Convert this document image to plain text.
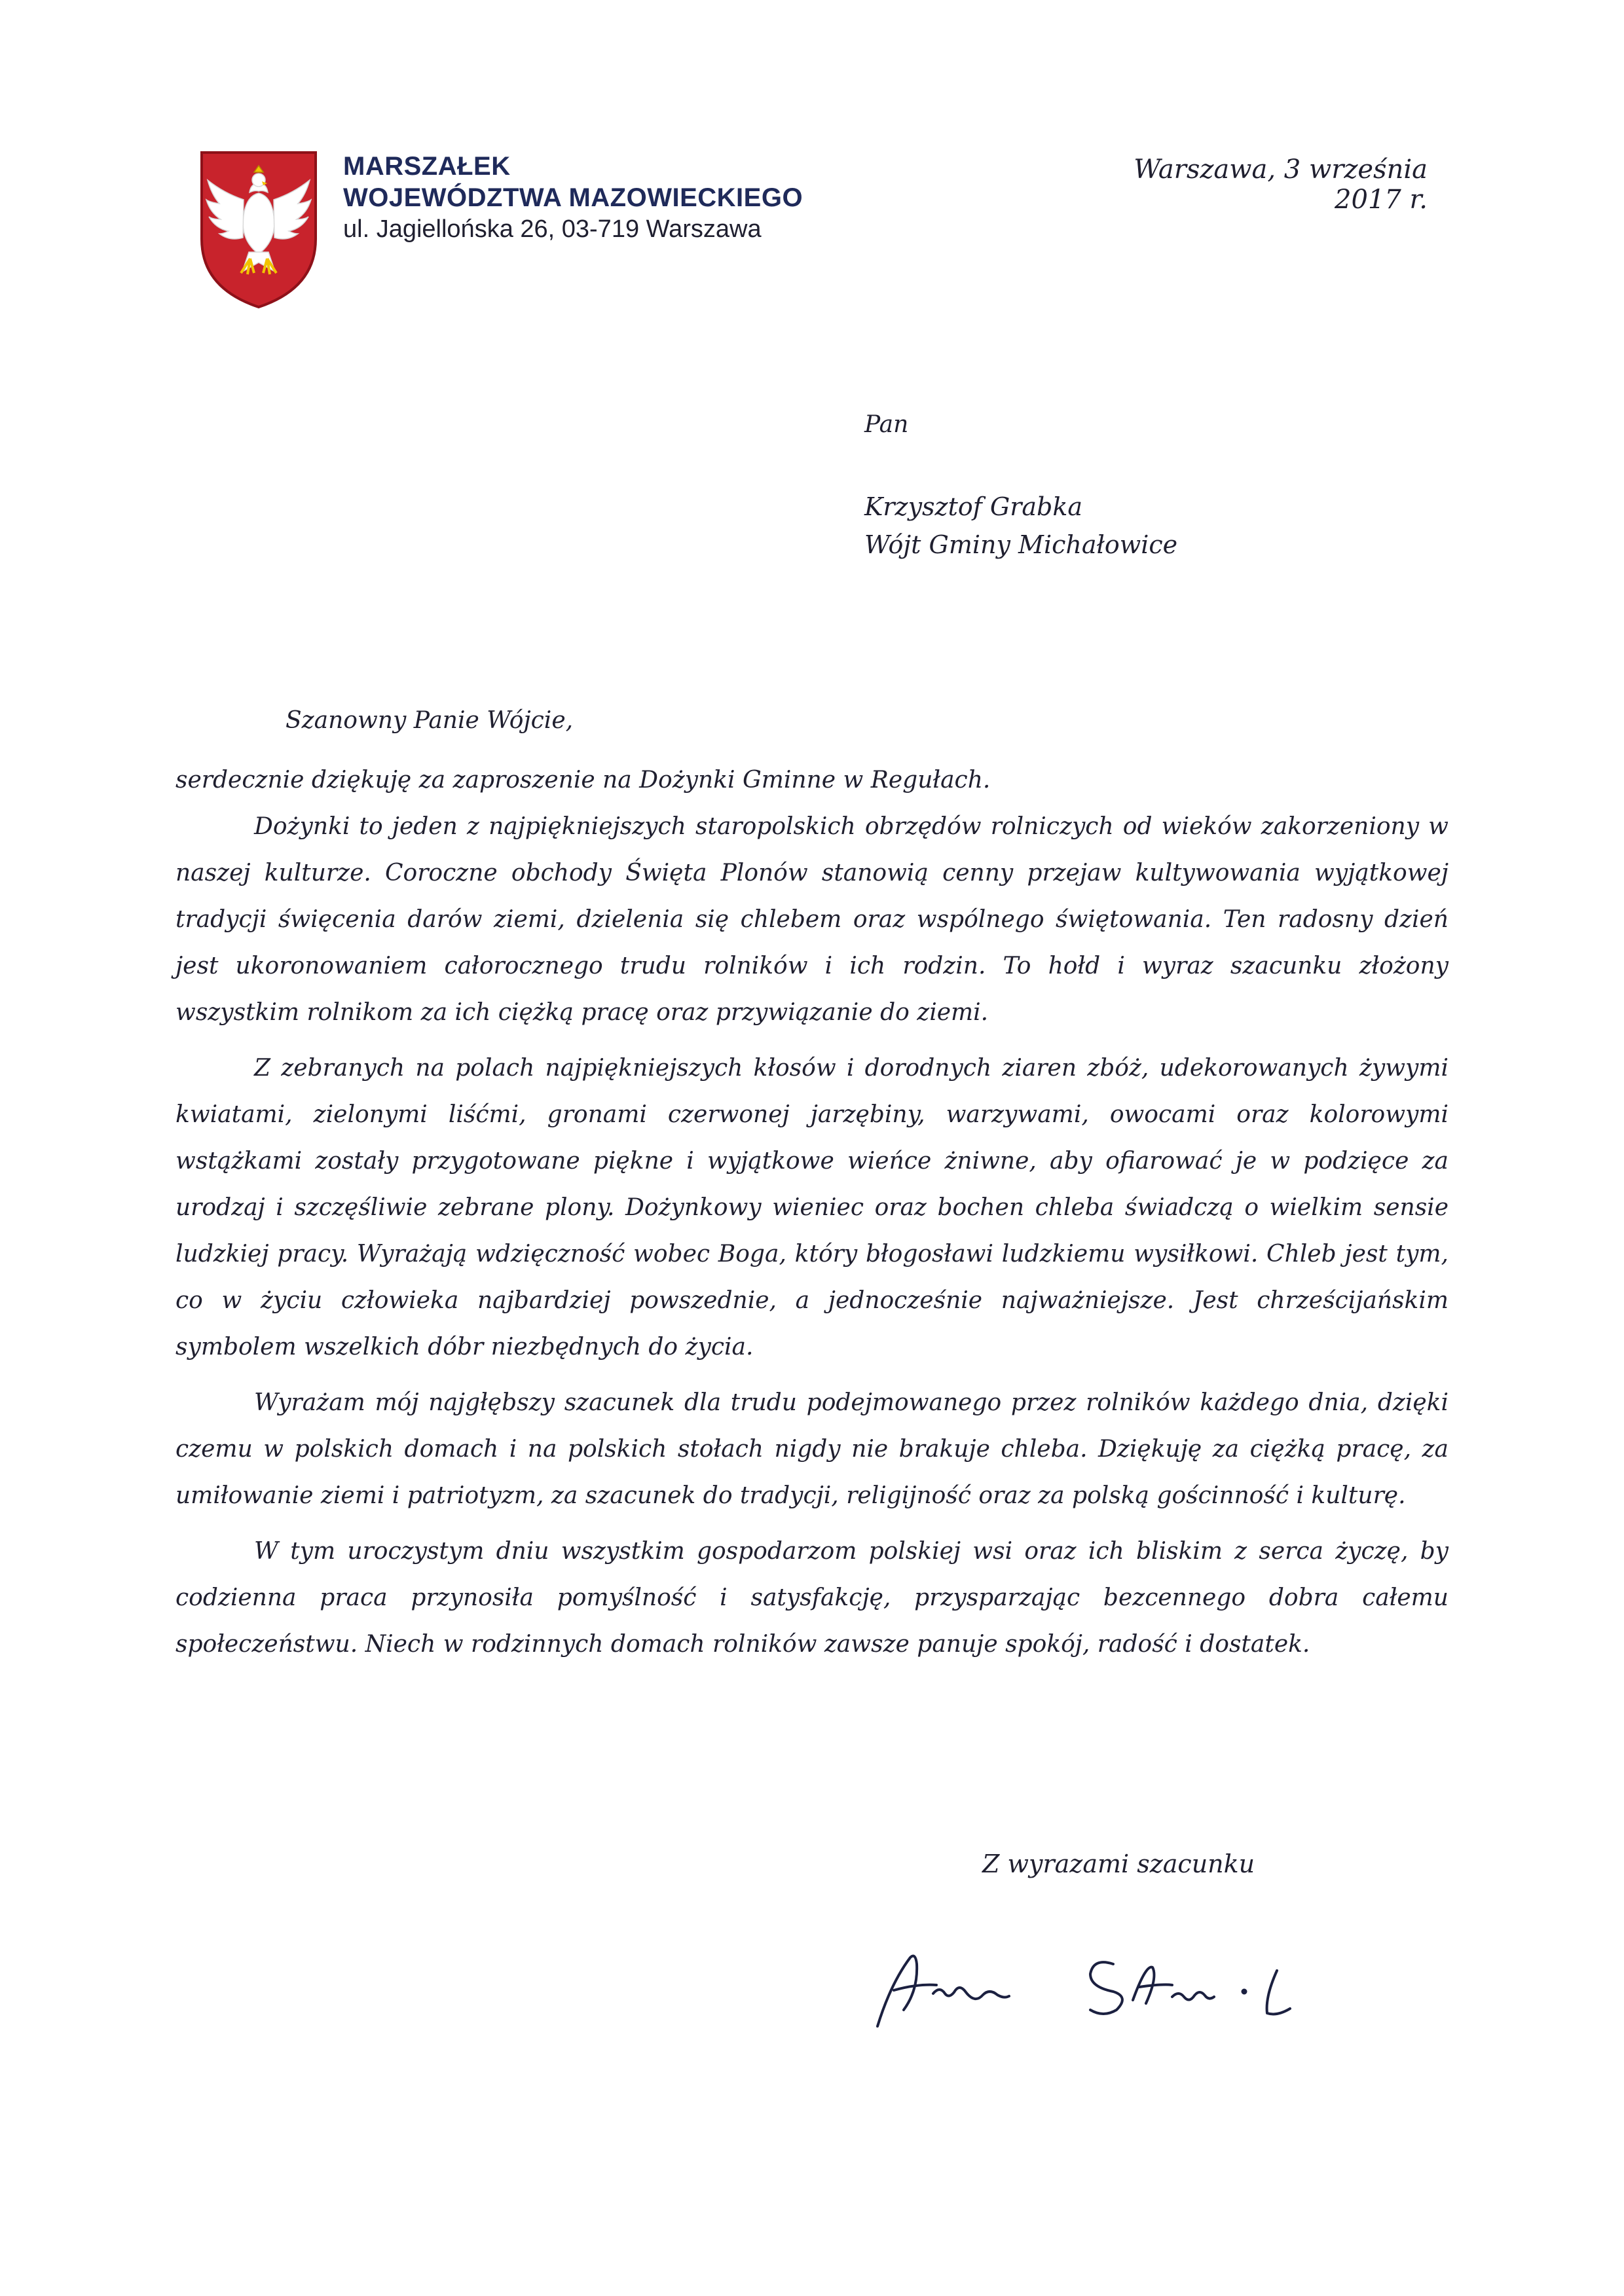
MARSZAŁEK
WOJEWÓDZTWA MAZOWIECKIEGO
ul. Jagiellońska 26, 03-719 Warszawa
Warszawa, 3 września 2017 r.
Pan
Krzysztof Grabka
Wójt Gminy Michałowice

Szanowny Panie Wójcie,

serdecznie dziękuję za zaproszenie na Dożynki Gminne w Regułach.

Dożynki to jeden z najpiękniejszych staropolskich obrzędów rolniczych od wieków zakorzeniony w naszej kulturze. Coroczne obchody Święta Plonów stanowią cenny przejaw kultywowania wyjątkowej tradycji święcenia darów ziemi, dzielenia się chlebem oraz wspólnego świętowania. Ten radosny dzień jest ukoronowaniem całorocznego trudu rolników i ich rodzin. To hołd i wyraz szacunku złożony wszystkim rolnikom za ich ciężką pracę oraz przywiązanie do ziemi.

Z zebranych na polach najpiękniejszych kłosów i dorodnych ziaren zbóż, udekorowanych żywymi kwiatami, zielonymi liśćmi, gronami czerwonej jarzębiny, warzywami, owocami oraz kolorowymi wstążkami zostały przygotowane piękne i wyjątkowe wieńce żniwne, aby ofiarować je w podzięce za urodzaj i szczęśliwie zebrane plony. Dożynkowy wieniec oraz bochen chleba świadczą o wielkim sensie ludzkiej pracy. Wyrażają wdzięczność wobec Boga, który błogosławi ludzkiemu wysiłkowi. Chleb jest tym, co w życiu człowieka najbardziej powszednie, a jednocześnie najważniejsze. Jest chrześcijańskim symbolem wszelkich dóbr niezbędnych do życia.

Wyrażam mój najgłębszy szacunek dla trudu podejmowanego przez rolników każdego dnia, dzięki czemu w polskich domach i na polskich stołach nigdy nie brakuje chleba. Dziękuję za ciężką pracę, za umiłowanie ziemi i patriotyzm, za szacunek do tradycji, religijność oraz za polską gościnność i kulturę.

W tym uroczystym dniu wszystkim gospodarzom polskiej wsi oraz ich bliskim z serca życzę, by codzienna praca przynosiła pomyślność i satysfakcję, przysparzając bezcennego dobra całemu społeczeństwu. Niech w rodzinnych domach rolników zawsze panuje spokój, radość i dostatek.

Z wyrazami szacunku
